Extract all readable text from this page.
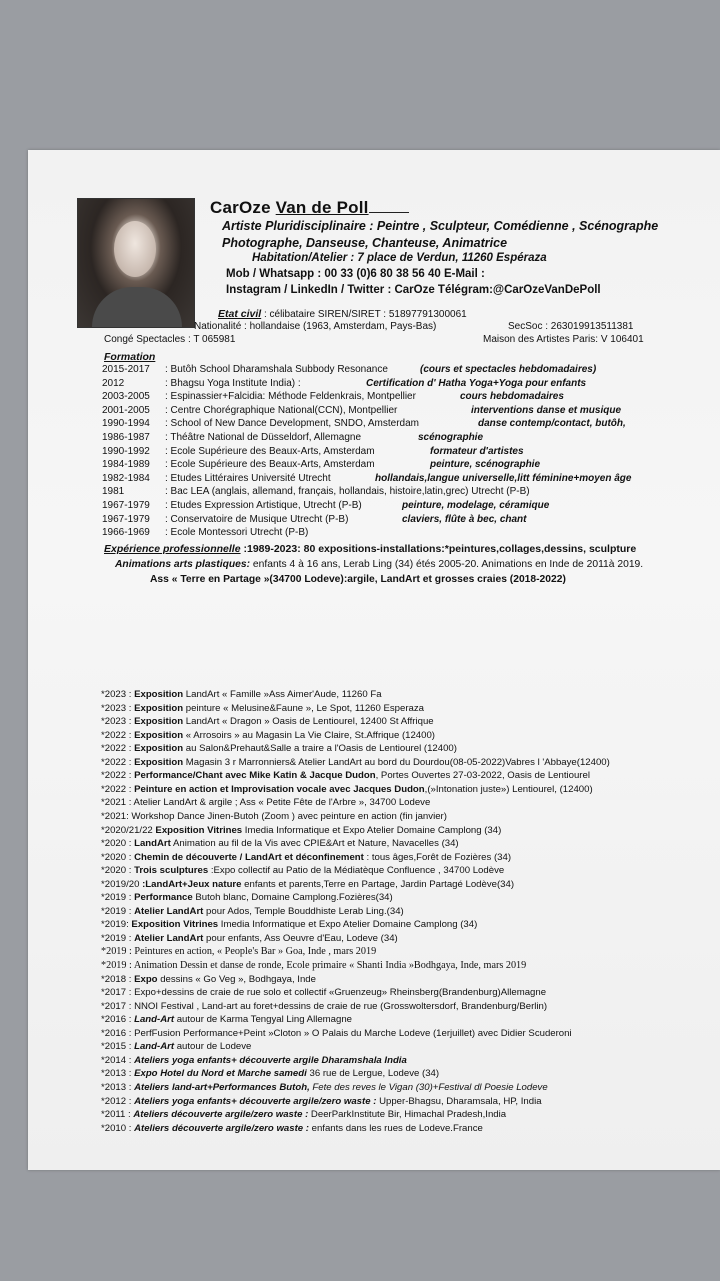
CarOze Van de Poll
Artiste Pluridisciplinaire : Peintre , Sculpteur, Comédienne , Scénographe
Photographe, Danseuse, Chanteuse, Animatrice
Habitation/Atelier : 7 place de Verdun, 11260 Espéraza
Mob / Whatsapp : 00 33 (0)6 80 38 56 40 E-Mail :
Instagram / LinkedIn / Twitter : CarOze Télégram:@CarOzeVanDePoll
Etat civil : célibataire SIREN/SIRET : 51897791300061
Nationalité : hollandaise (1963, Amsterdam, Pays-Bas)	SecSoc : 263019913511381
Congé Spectacles : T 065981	Maison des Artistes Paris: V 106401
Formation
2015-2017 : Butôh School Dharamshala Subbody Resonance	(cours et spectacles hebdomadaires)
2012	: Bhagsu Yoga Institute India) :	Certification d' Hatha Yoga+Yoga pour enfants
2003-2005 : Espinassier+Falcidia: Méthode Feldenkrais, Montpellier	cours hebdomadaires
2001-2005 : Centre Chorégraphique National(CCN), Montpellier	interventions danse et musique
1990-1994 : School of New Dance Development, SNDO, Amsterdam	danse contemp/contact, butôh,
1986-1987 : Théâtre National de Düsseldorf, Allemagne	scénographie
1990-1992 : Ecole Supérieure des Beaux-Arts, Amsterdam	formateur d'artistes
1984-1989 : Ecole Supérieure des Beaux-Arts, Amsterdam	peinture, scénographie
1982-1984 : Etudes Littéraires Université Utrecht	hollandais,langue universelle,litt féminine+moyen âge
1981	: Bac LEA (anglais, allemand, français, hollandais, histoire,latin,grec) Utrecht (P-B)
1967-1979 : Etudes Expression Artistique, Utrecht (P-B)	peinture, modelage, céramique
1967-1979 : Conservatoire de Musique Utrecht (P-B)	claviers, flûte à bec, chant
1966-1969 : Ecole Montessori Utrecht (P-B)
Expérience professionnelle :1989-2023: 80 expositions-installations:*peintures,collages,dessins, sculpture
Animations arts plastiques: enfants 4 à 16 ans, Lerab Ling (34) étés 2005-20. Animations en Inde de 2011à 2019.
Ass « Terre en Partage »(34700 Lodeve):argile, LandArt et grosses craies (2018-2022)
*2023 : Exposition LandArt « Famille »Ass Aimer'Aude, 11260 Fa
*2023 : Exposition peinture « Melusine&Faune », Le Spot, 11260 Esperaza
*2023 : Exposition LandArt « Dragon » Oasis de Lentiourel, 12400 St Affrique
*2022 : Exposition « Arrosoirs » au Magasin La Vie Claire, St.Affrique (12400)
*2022 : Exposition au Salon&Prehaut&Salle a traire a l'Oasis de Lentiourel (12400)
*2022 : Exposition Magasin 3 r Marronniers& Atelier LandArt au bord du Dourdou(08-05-2022)Vabres l 'Abbaye(12400)
*2022 : Performance/Chant avec Mike Katin & Jacque Dudon, Portes Ouvertes 27-03-2022, Oasis de Lentiourel
*2022 : Peinture en action et Improvisation vocale avec Jacques Dudon,(»Intonation juste») Lentiourel, (12400)
*2021 : Atelier LandArt & argile ; Ass « Petite Fête de l'Arbre », 34700 Lodeve
*2021: Workshop Dance Jinen-Butoh (Zoom ) avec peinture en action (fin janvier)
*2020/21/22 Exposition Vitrines Imedia Informatique et Expo Atelier Domaine Camplong (34)
*2020 : LandArt Animation au fil de la Vis avec CPIE&Art et Nature, Navacelles (34)
*2020 : Chemin de découverte / LandArt et déconfinement : tous âges,Forêt de Fozières (34)
*2020 : Trois sculptures :Expo collectif au Patio de la Médiatèque Confluence , 34700 Lodève
*2019/20 :LandArt+Jeux nature enfants et parents,Terre en Partage, Jardin Partagé Lodève(34)
*2019 : Performance Butoh blanc, Domaine Camplong.Fozières(34)
*2019 : Atelier LandArt pour Ados, Temple Bouddhiste Lerab Ling.(34)
*2019: Exposition Vitrines Imedia Informatique et Expo Atelier Domaine Camplong (34)
*2019 : Atelier LandArt pour enfants, Ass Oeuvre d'Eau, Lodeve (34)
*2019 : Peintures en action, « People's Bar » Goa, Inde , mars 2019
*2019 : Animation Dessin et danse de ronde, Ecole primaire « Shanti India »Bodhgaya, Inde, mars 2019
*2018 : Expo dessins « Go Veg », Bodhgaya, Inde
*2017 : Expo+dessins de craie de rue solo et collectif «Gruenzeug» Rheinsberg(Brandenburg)Allemagne
*2017 : NNOI Festival , Land-art au foret+dessins de craie de rue (Grosswoltersdorf, Brandenburg/Berlin)
*2016 : Land-Art autour de Karma Tengyal Ling Allemagne
*2016 : PerfFusion Performance+Peint »Cloton » O Palais du Marche Lodeve (1erjuillet) avec Didier Scuderoni
*2015 : Land-Art autour de Lodeve
*2014 : Ateliers yoga enfants+ découverte argile Dharamshala India
*2013 : Expo Hotel du Nord et Marche samedi 36 rue de Lergue, Lodeve (34)
*2013 : Ateliers land-art+Performances Butoh, Fete des reves le Vigan (30)+Festival dl Poesie Lodeve
*2012 : Ateliers yoga enfants+ découverte argile/zero waste : Upper-Bhagsu, Dharamsala, HP, India
*2011 : Ateliers découverte argile/zero waste : DeerParkInstitute Bir, Himachal Pradesh,India
*2010 : Ateliers découverte argile/zero waste : enfants dans les rues de Lodeve.France
